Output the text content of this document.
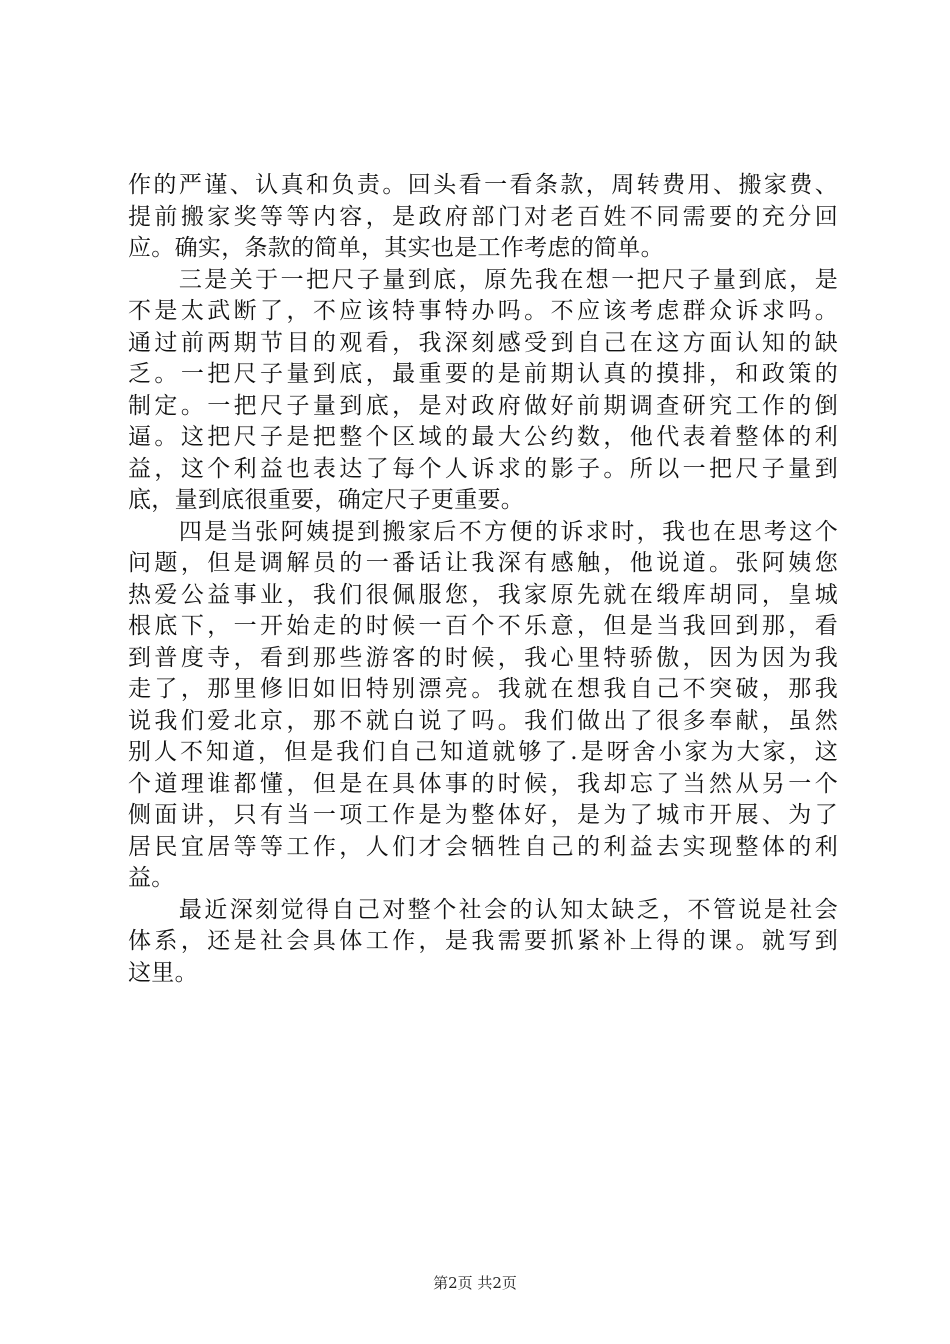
作的严谨、认真和负责。回头看一看条款，周转费用、搬家费、
提前搬家奖等等内容，是政府部门对老百姓不同需要的充分回
应。确实，条款的简单，其实也是工作考虑的简单。
　　三是关于一把尺子量到底，原先我在想一把尺子量到底，是
不是太武断了，不应该特事特办吗。不应该考虑群众诉求吗。
通过前两期节目的观看，我深刻感受到自己在这方面认知的缺
乏。一把尺子量到底，最重要的是前期认真的摸排，和政策的
制定。一把尺子量到底，是对政府做好前期调查研究工作的倒
逼。这把尺子是把整个区域的最大公约数，他代表着整体的利
益，这个利益也表达了每个人诉求的影子。所以一把尺子量到
底，量到底很重要，确定尺子更重要。
　　四是当张阿姨提到搬家后不方便的诉求时，我也在思考这个
问题，但是调解员的一番话让我深有感触，他说道。张阿姨您
热爱公益事业，我们很佩服您，我家原先就在缎库胡同，皇城
根底下，一开始走的时候一百个不乐意，但是当我回到那，看
到普度寺，看到那些游客的时候，我心里特骄傲，因为因为我
走了，那里修旧如旧特别漂亮。我就在想我自己不突破，那我
说我们爱北京，那不就白说了吗。我们做出了很多奉献，虽然
别人不知道，但是我们自己知道就够了.是呀舍小家为大家，这
个道理谁都懂，但是在具体事的时候，我却忘了当然从另一个
侧面讲，只有当一项工作是为整体好，是为了城市开展、为了
居民宜居等等工作，人们才会牺牲自己的利益去实现整体的利
益。
　　最近深刻觉得自己对整个社会的认知太缺乏，不管说是社会
体系，还是社会具体工作，是我需要抓紧补上得的课。就写到
这里。
第2页 共2页
